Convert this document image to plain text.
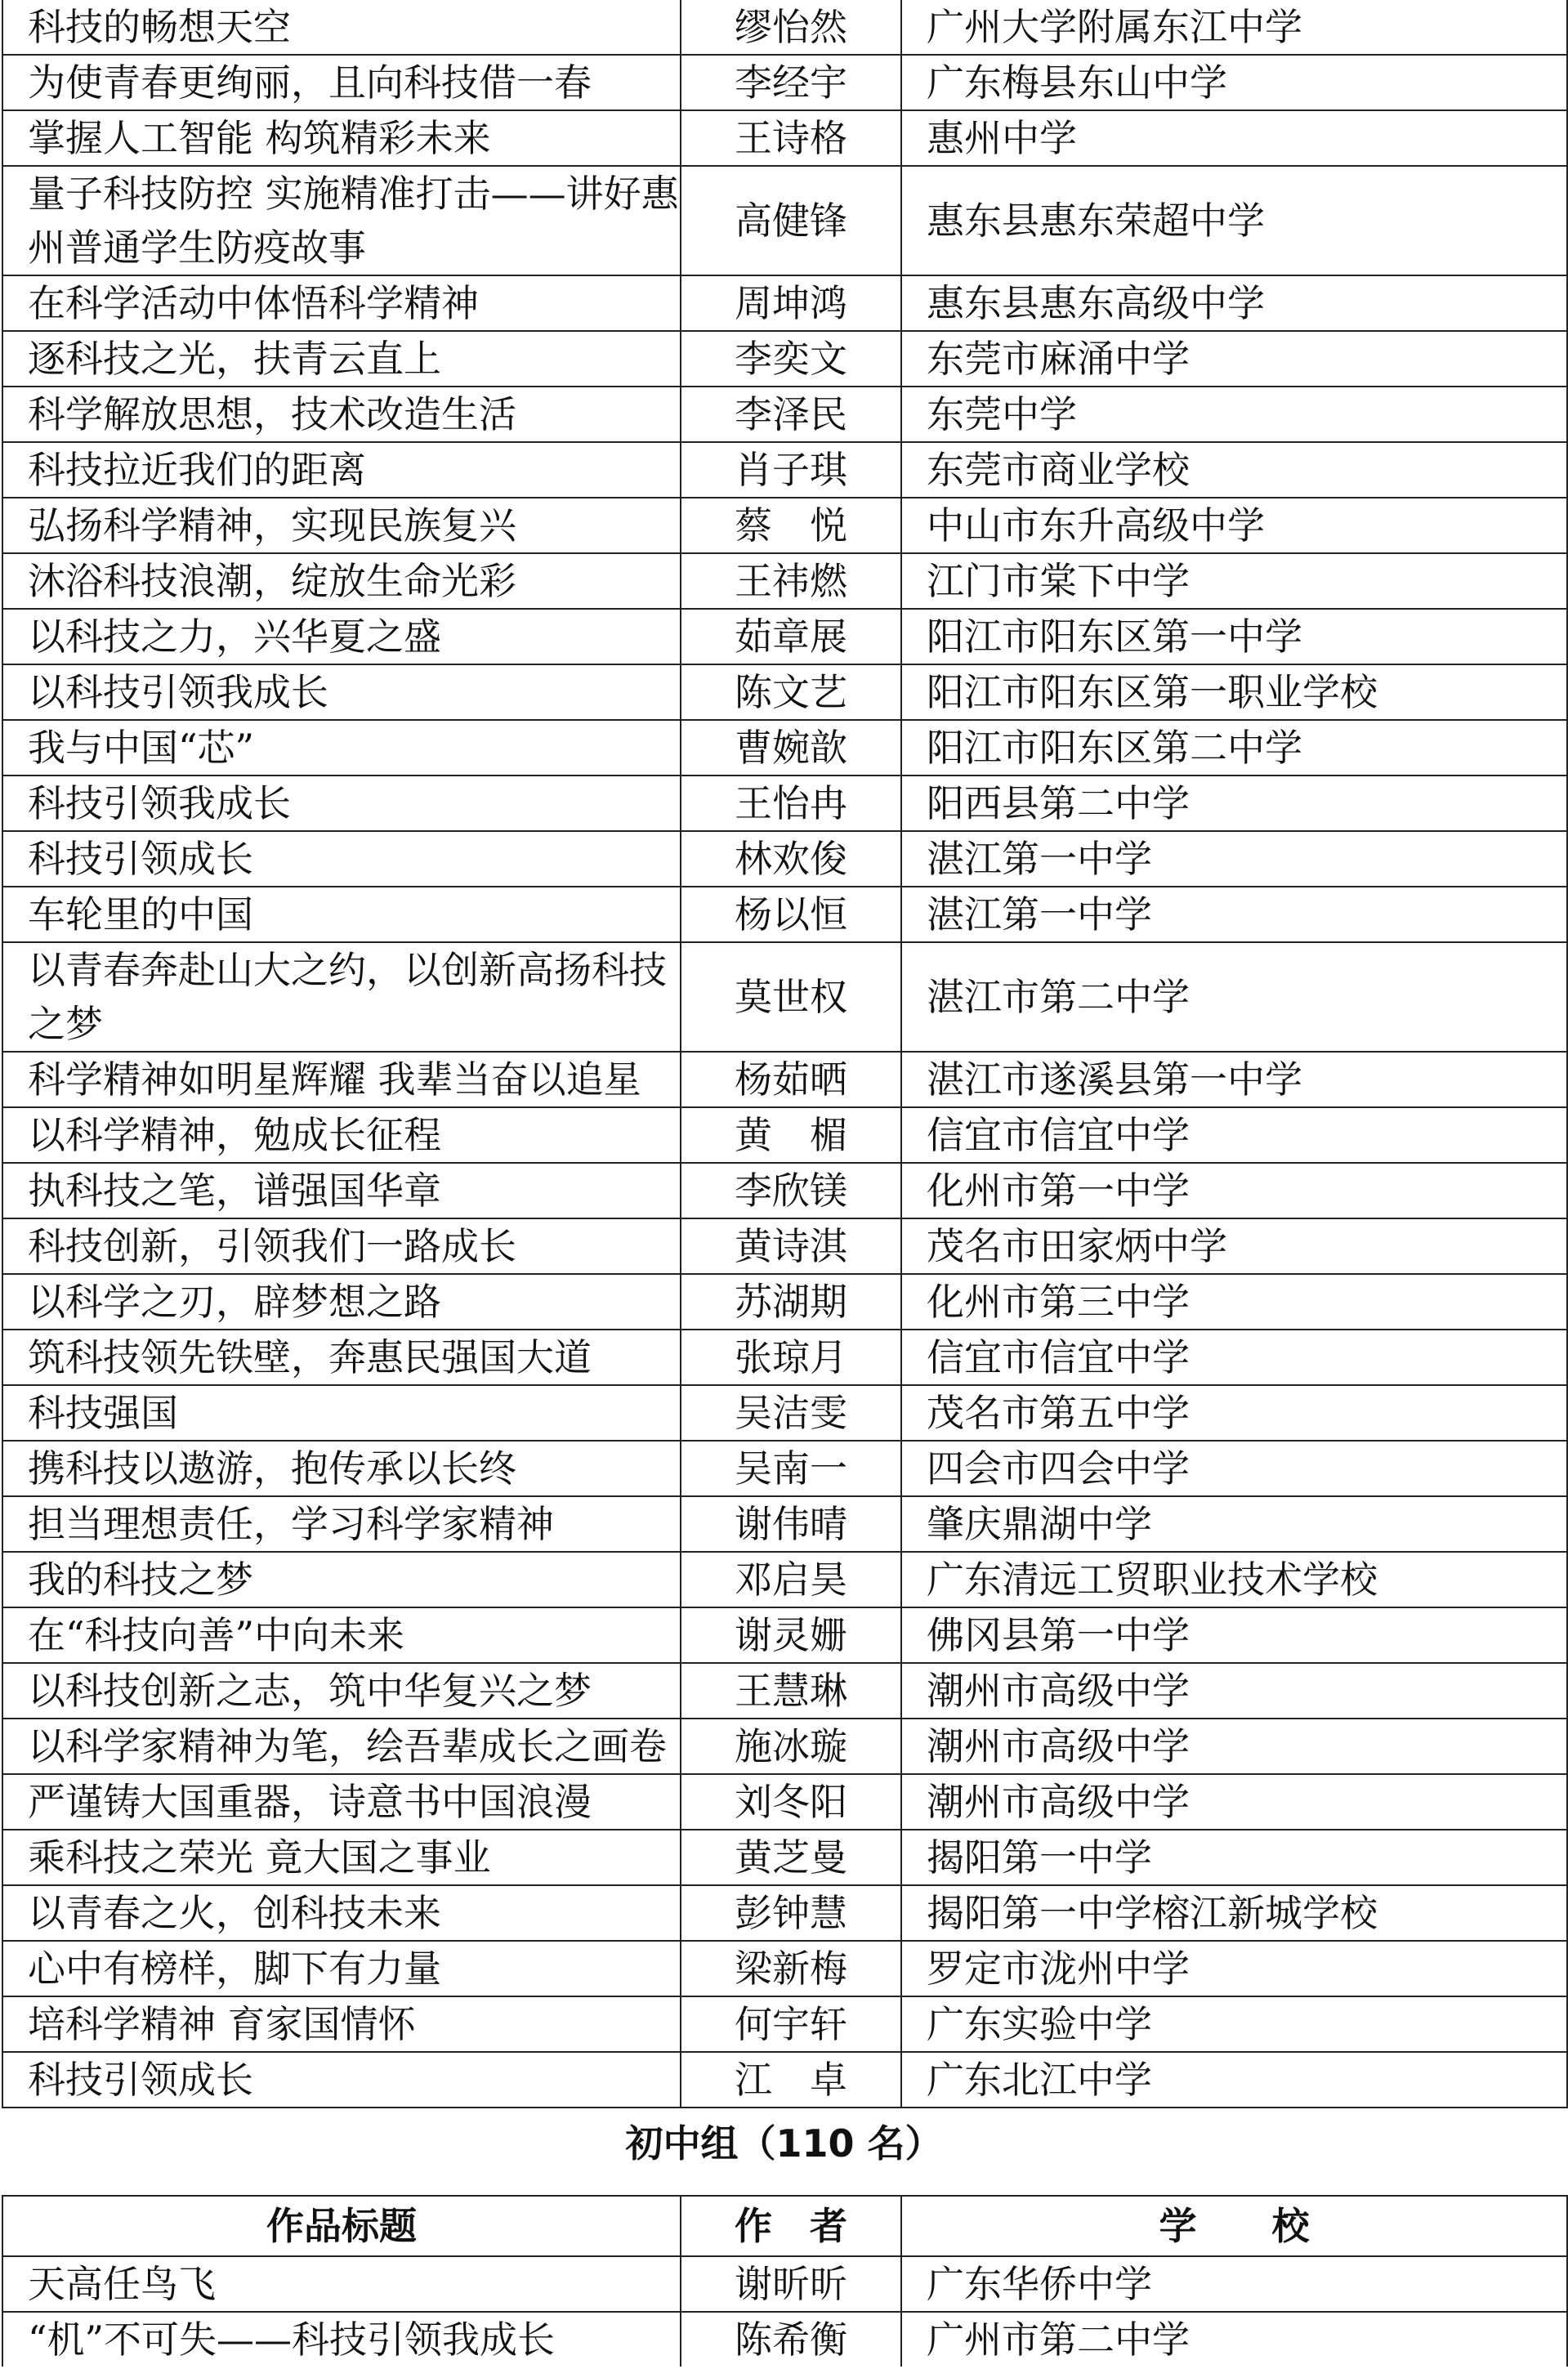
科技的畅想天空	缪怡然	广州大学附属东江中学
为使青春更绚丽，且向科技借一春	李经宇	广东梅县东山中学
掌握人工智能 构筑精彩未来	王诗格	惠州中学
量子科技防控 实施精准打击——讲好惠州普通学生防疫故事	高健锋	惠东县惠东荣超中学
在科学活动中体悟科学精神	周坤鸿	惠东县惠东高级中学
逐科技之光，扶青云直上	李奕文	东莞市麻涌中学
科学解放思想，技术改造生活	李泽民	东莞中学
科技拉近我们的距离	肖子琪	东莞市商业学校
弘扬科学精神，实现民族复兴	蔡　悦	中山市东升高级中学
沐浴科技浪潮，绽放生命光彩	王祎燃	江门市棠下中学
以科技之力，兴华夏之盛	茹章展	阳江市阳东区第一中学
以科技引领我成长	陈文艺	阳江市阳东区第一职业学校
我与中国“芯”	曹婉歆	阳江市阳东区第二中学
科技引领我成长	王怡冉	阳西县第二中学
科技引领成长	林欢俊	湛江第一中学
车轮里的中国	杨以恒	湛江第一中学
以青春奔赴山大之约，以创新高扬科技之梦	莫世权	湛江市第二中学
科学精神如明星辉耀 我辈当奋以追星	杨茹晒	湛江市遂溪县第一中学
以科学精神，勉成长征程	黄　楣	信宜市信宜中学
执科技之笔，谱强国华章	李欣镁	化州市第一中学
科技创新，引领我们一路成长	黄诗淇	茂名市田家炳中学
以科学之刃，辟梦想之路	苏湖期	化州市第三中学
筑科技领先铁壁，奔惠民强国大道	张琼月	信宜市信宜中学
科技强国	吴洁雯	茂名市第五中学
携科技以遨游，抱传承以长终	吴南一	四会市四会中学
担当理想责任，学习科学家精神	谢伟晴	肇庆鼎湖中学
我的科技之梦	邓启昊	广东清远工贸职业技术学校
在“科技向善”中向未来	谢灵姗	佛冈县第一中学
以科技创新之志，筑中华复兴之梦	王慧琳	潮州市高级中学
以科学家精神为笔，绘吾辈成长之画卷	施冰璇	潮州市高级中学
严谨铸大国重器，诗意书中国浪漫	刘冬阳	潮州市高级中学
乘科技之荣光 竟大国之事业	黄芝曼	揭阳第一中学
以青春之火，创科技未来	彭钟慧	揭阳第一中学榕江新城学校
心中有榜样，脚下有力量	梁新梅	罗定市泷州中学
培科学精神 育家国情怀	何宇轩	广东实验中学
科技引领成长	江　卓	广东北江中学
初中组（110 名）
作品标题	作　者	学　　校
天高任鸟飞	谢昕昕	广东华侨中学
“机”不可失——科技引领我成长	陈希衡	广州市第二中学
